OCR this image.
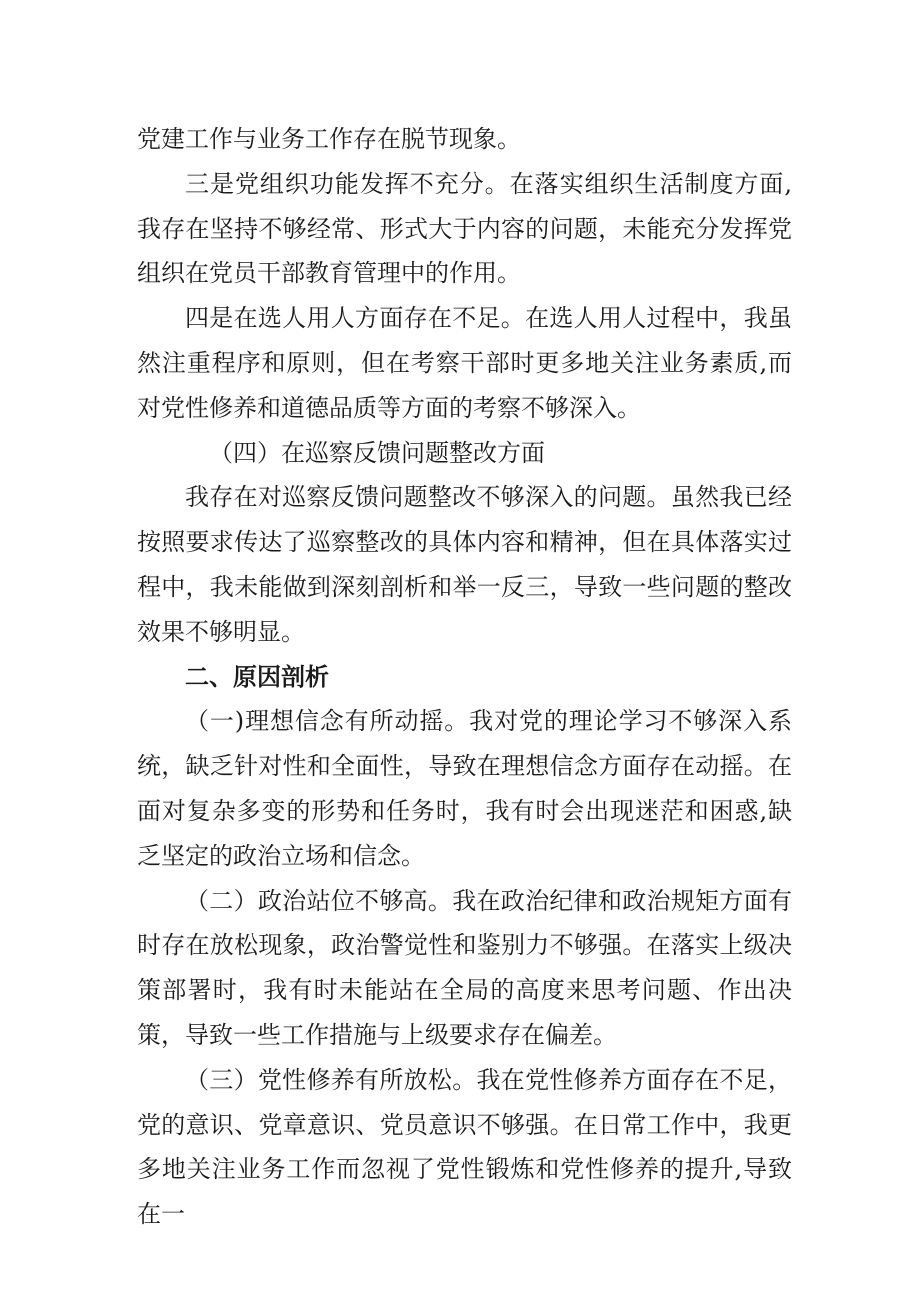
党建工作与业务工作存在脱节现象。

三是党组织功能发挥不充分。在落实组织生活制度方面,我存在坚持不够经常、形式大于内容的问题，未能充分发挥党组织在党员干部教育管理中的作用。

四是在选人用人方面存在不足。在选人用人过程中，我虽然注重程序和原则，但在考察干部时更多地关注业务素质,而对党性修养和道德品质等方面的考察不够深入。

（四）在巡察反馈问题整改方面

我存在对巡察反馈问题整改不够深入的问题。虽然我已经按照要求传达了巡察整改的具体内容和精神，但在具体落实过程中，我未能做到深刻剖析和举一反三，导致一些问题的整改效果不够明显。

二、原因剖析

（一)理想信念有所动摇。我对党的理论学习不够深入系统，缺乏针对性和全面性，导致在理想信念方面存在动摇。在面对复杂多变的形势和任务时，我有时会出现迷茫和困惑,缺乏坚定的政治立场和信念。

（二）政治站位不够高。我在政治纪律和政治规矩方面有时存在放松现象，政治警觉性和鉴别力不够强。在落实上级决策部署时，我有时未能站在全局的高度来思考问题、作出决策，导致一些工作措施与上级要求存在偏差。

（三）党性修养有所放松。我在党性修养方面存在不足，党的意识、党章意识、党员意识不够强。在日常工作中，我更多地关注业务工作而忽视了党性锻炼和党性修养的提升,导致在一
